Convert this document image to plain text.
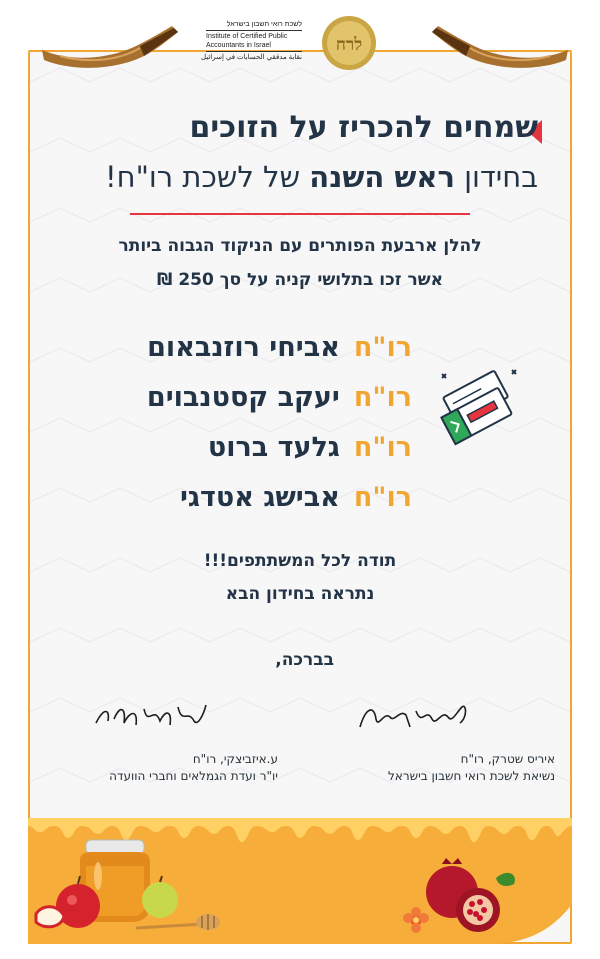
לשכת רואי חשבון בישראל
Institute of Certified Public
Accountants in Israel
نقابة مدققي الحسابات في إسرائيل
לרח
שמחים להכריז על הזוכים
בחידון ראש השנה של לשכת רו"ח!
להלן ארבעת הפותרים עם הניקוד הגבוה ביותר
אשר זכו בתלושי קניה על סך 250 ₪
רו"חאביחי רוזנבאום
רו"חיעקב קסטנבוים
רו"חגלעד ברוט
רו"חאבישג אטדגי
תודה לכל המשתתפים!!!
נתראה בחידון הבא
בברכה,
איריס שטרק, רו"ח
נשיאת לשכת רואי חשבון בישראל
ע.איזביצקי, רו"ח
יו"ר ועדת הגמלאים וחברי הוועדה
